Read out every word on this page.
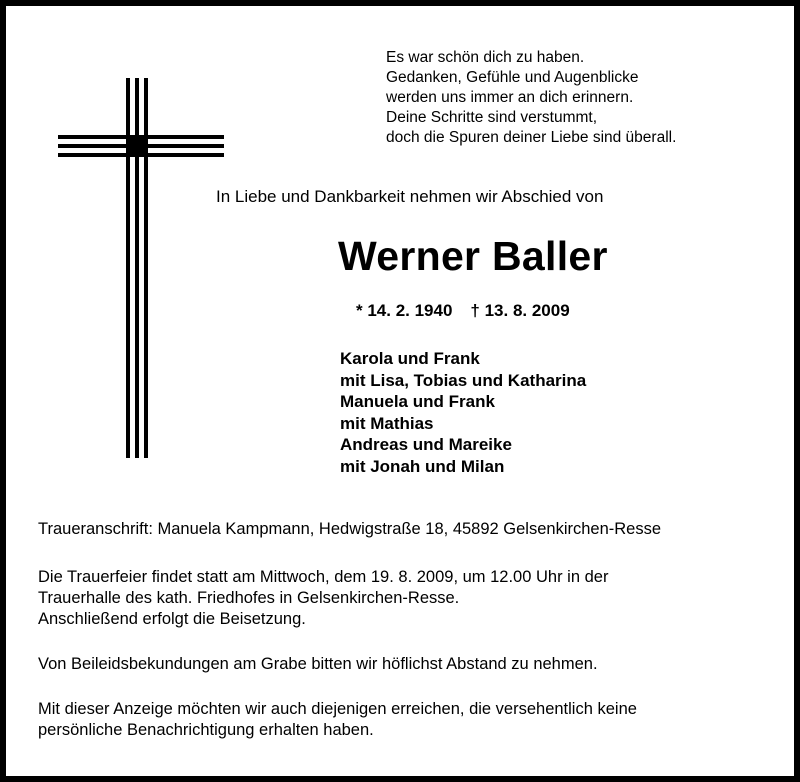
Es war schön dich zu haben.
Gedanken, Gefühle und Augenblicke
werden uns immer an dich erinnern.
Deine Schritte sind verstummt,
doch die Spuren deiner Liebe sind überall.
In Liebe und Dankbarkeit nehmen wir Abschied von
Werner Baller
* 14. 2. 1940 † 13. 8. 2009
Karola und Frank
mit Lisa, Tobias und Katharina
Manuela und Frank
mit Mathias
Andreas und Mareike
mit Jonah und Milan
Traueranschrift: Manuela Kampmann, Hedwigstraße 18, 45892 Gelsenkirchen-Resse
Die Trauerfeier findet statt am Mittwoch, dem 19. 8. 2009, um 12.00 Uhr in der
Trauerhalle des kath. Friedhofes in Gelsenkirchen-Resse.
Anschließend erfolgt die Beisetzung.
Von Beileidsbekundungen am Grabe bitten wir höflichst Abstand zu nehmen.
Mit dieser Anzeige möchten wir auch diejenigen erreichen, die versehentlich keine
persönliche Benachrichtigung erhalten haben.
